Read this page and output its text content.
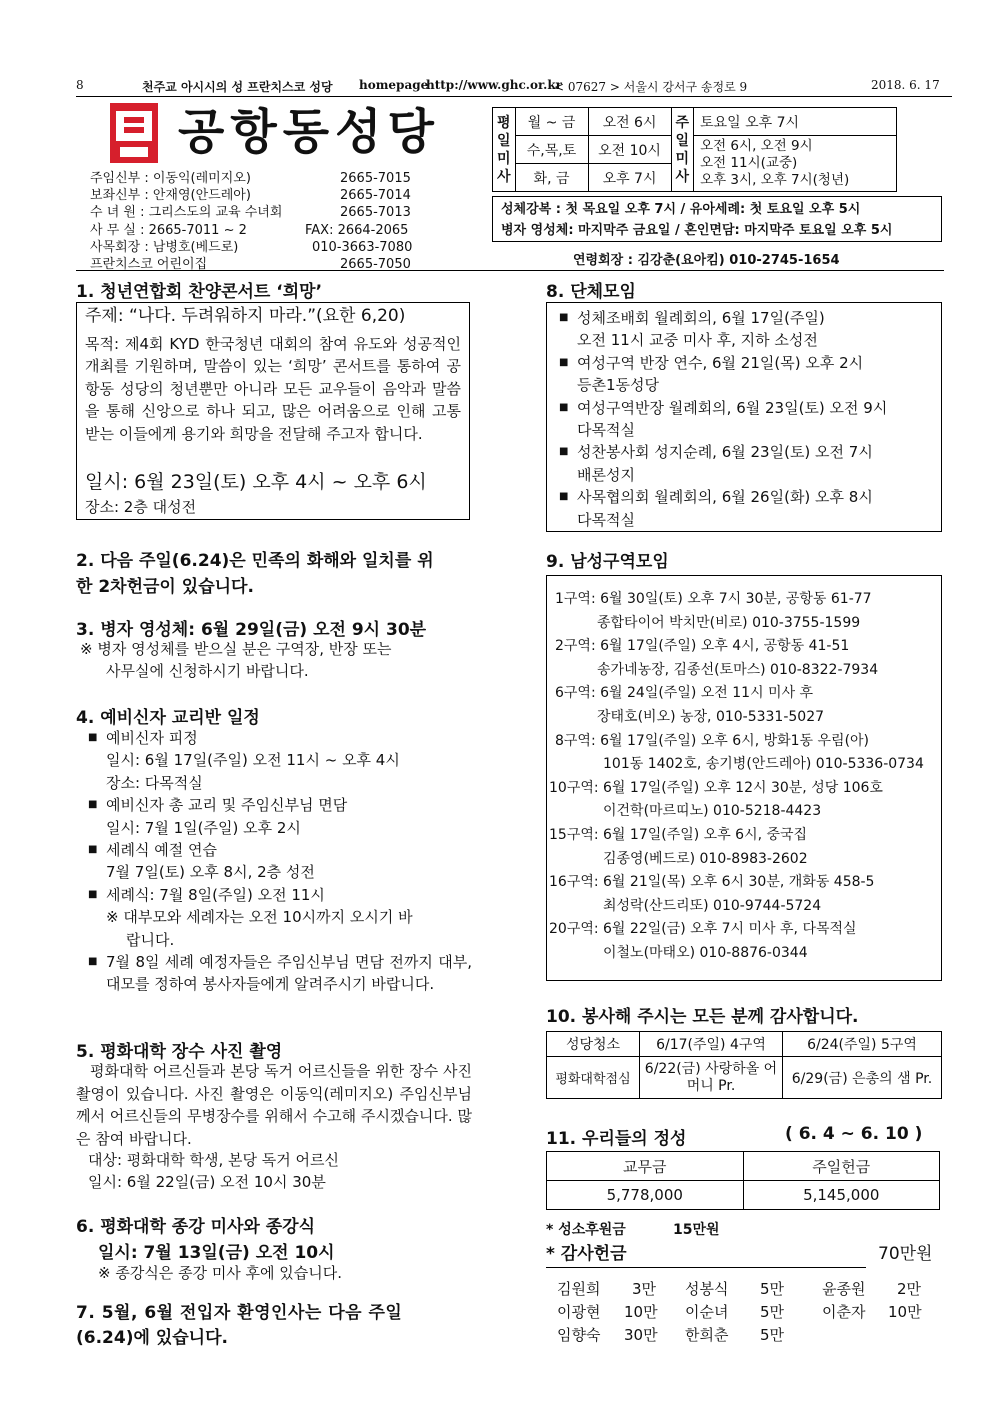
8	천주교 아시시의 성 프란치스코 성당 homepage
http://www.ghc.or.kr
< 07627 > 서울시 강서구 송정로 9	2018. 6. 17
공항동성당
주임신부 : 이동익(레미지오)	2665-7015
보좌신부 : 안재영(안드레아)	2665-7014
수 녀 원 : 그리스도의 교육 수녀회	2665-7013
사 무 실 : 2665-7011 ~ 2	FAX: 2664-2065
사목회장 : 남병호(베드로)	010-3663-7080
프란치스코 어린이집	2665-7050
평일미사	월 ~ 금	오전 6시	주일미사	토요일 오후 7시
	수,목,토	오전 10시		오전 6시, 오전 9시
오전 11시(교중)
오후 3시, 오후 7시(청년)

	화, 금	오후 7시		
성체강복 : 첫 목요일 오후 7시 / 유아세례: 첫 토요일 오후 5시
병자 영성체: 마지막주 금요일 / 혼인면담: 마지막주 토요일 오후 5시
연령회장 : 김강춘(요아킴) 010-2745-1654
1. 청년연합회 찬양콘서트 ‘희망’
주제: “나다. 두려워하지 마라.”(요한 6,20)
목적: 제4회 KYD 한국청년 대회의 참여 유도와 성공적인 개최를 기원하며, 말씀이 있는 ‘희망’ 콘서트를 통하여 공항동 성당의 청년뿐만 아니라 모든 교우들이 음악과 말씀을 통해 신앙으로 하나 되고, 많은 어려움으로 인해 고통받는 이들에게 용기와 희망을 전달해 주고자 합니다.
일시: 6월 23일(토) 오후 4시 ~ 오후 6시
장소: 2층 대성전
2. 다음 주일(6.24)은 민족의 화해와 일치를 위
한 2차헌금이 있습니다.
3. 병자 영성체: 6월 29일(금) 오전 9시 30분
※ 병자 영성체를 받으실 분은 구역장, 반장 또는
사무실에 신청하시기 바랍니다.
4. 예비신자 교리반 일정
■ 예비신자 피정
일시: 6월 17일(주일) 오전 11시 ~ 오후 4시
장소: 다목적실
■ 예비신자 총 교리 및 주임신부님 면담
일시: 7월 1일(주일) 오후 2시
■ 세례식 예절 연습
7월 7일(토) 오후 8시, 2층 성전
■ 세례식: 7월 8일(주일) 오전 11시
※ 대부모와 세례자는 오전 10시까지 오시기 바
랍니다.
■ 7월 8일 세례 예정자들은 주임신부님 면담 전까지 대부, 대모를 정하여 봉사자들에게 알려주시기 바랍니다.
5. 평화대학 장수 사진 촬영
평화대학 어르신들과 본당 독거 어르신들을 위한 장수 사진 촬영이 있습니다. 사진 촬영은 이동익(레미지오) 주임신부님께서 어르신들의 무병장수를 위해서 수고해 주시겠습니다. 많은 참여 바랍니다.
대상: 평화대학 학생, 본당 독거 어르신
일시: 6월 22일(금) 오전 10시 30분
6. 평화대학 종강 미사와 종강식
일시: 7월 13일(금) 오전 10시
※ 종강식은 종강 미사 후에 있습니다.
7. 5월, 6월 전입자 환영인사는 다음 주일
(6.24)에 있습니다.
8. 단체모임
■ 성체조배회 월례회의, 6월 17일(주일)
오전 11시 교중 미사 후, 지하 소성전
■ 여성구역 반장 연수, 6월 21일(목) 오후 2시
등촌1동성당
■ 여성구역반장 월례회의, 6월 23일(토) 오전 9시
다목적실
■ 성찬봉사회 성지순례, 6월 23일(토) 오전 7시
배론성지
■ 사목협의회 월례회의, 6월 26일(화) 오후 8시
다목적실
9. 남성구역모임
1구역: 6월 30일(토) 오후 7시 30분, 공항동 61-77
종합타이어 박치만(비로) 010-3755-1599
2구역: 6월 17일(주일) 오후 4시, 공항동 41-51
송가네농장, 김종선(토마스) 010-8322-7934
6구역: 6월 24일(주일) 오전 11시 미사 후
장태호(비오) 농장, 010-5331-5027
8구역: 6월 17일(주일) 오후 6시, 방화1동 우림(아)
101동 1402호, 송기병(안드레아) 010-5336-0734
10구역: 6월 17일(주일) 오후 12시 30분, 성당 106호
이건학(마르띠노) 010-5218-4423
15구역: 6월 17일(주일) 오후 6시, 중국집
김종영(베드로) 010-8983-2602
16구역: 6월 21일(목) 오후 6시 30분, 개화동 458-5
최성락(산드리또) 010-9744-5724
20구역: 6월 22일(금) 오후 7시 미사 후, 다목적실
이철노(마태오) 010-8876-0344
10. 봉사해 주시는 모든 분께 감사합니다.
성당청소	6/17(주일) 4구역	6/24(주일) 5구역
평화대학점심	6/22(금) 사랑하올 어머니 Pr.	6/29(금) 은총의 샘 Pr.
11. 우리들의 정성	( 6. 4 ~ 6. 10 )
교무금	주일헌금
5,778,000	5,145,000
* 성소후원금	15만원
* 감사헌금	70만원
김원희 3만 성봉식 5만	윤종원 2만
이광현 10만 이순녀 5만	이춘자 10만
임향숙 30만 한희춘 5만
